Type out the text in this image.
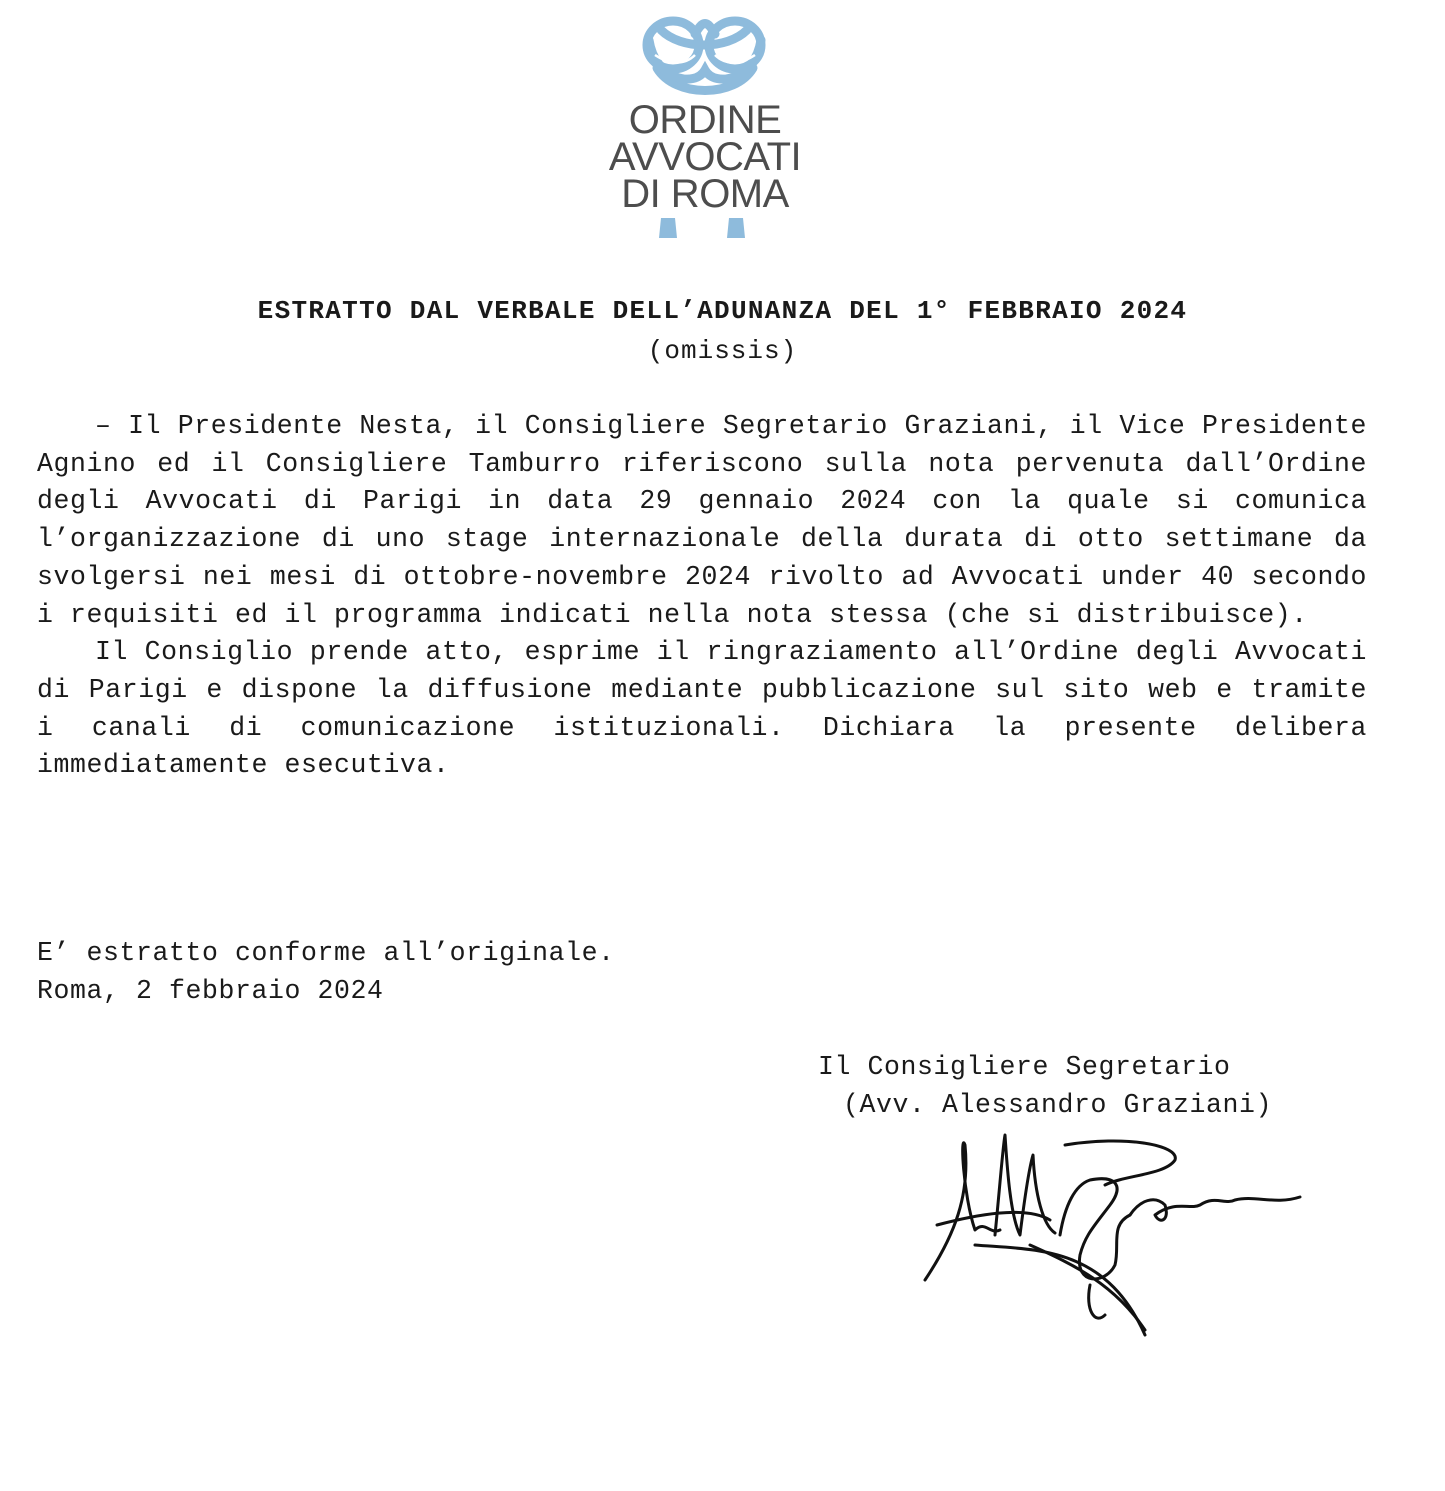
ORDINE
AVVOCATI
DI ROMA
ESTRATTO DAL VERBALE DELL’ADUNANZA DEL 1° FEBBRAIO 2024
(omissis)

– Il Presidente Nesta, il Consigliere Segretario Graziani, il Vice Presidente Agnino ed il Consigliere Tamburro riferiscono sulla nota pervenuta dall’Ordine degli Avvocati di Parigi in data 29 gennaio 2024 con la quale si comunica l’organizzazione di uno stage internazionale della durata di otto settimane da svolgersi nei mesi di ottobre-novembre 2024 rivolto ad Avvocati under 40 secondo i requisiti ed il programma indicati nella nota stessa (che si distribuisce).

Il Consiglio prende atto, esprime il ringraziamento all’Ordine degli Avvocati di Parigi e dispone la diffusione mediante pubblicazione sul sito web e tramite i canali di comunicazione istituzionali. Dichiara la presente delibera immediatamente esecutiva.

E’ estratto conforme all’originale.
Roma, 2 febbraio 2024
Il Consigliere Segretario
(Avv. Alessandro Graziani)
